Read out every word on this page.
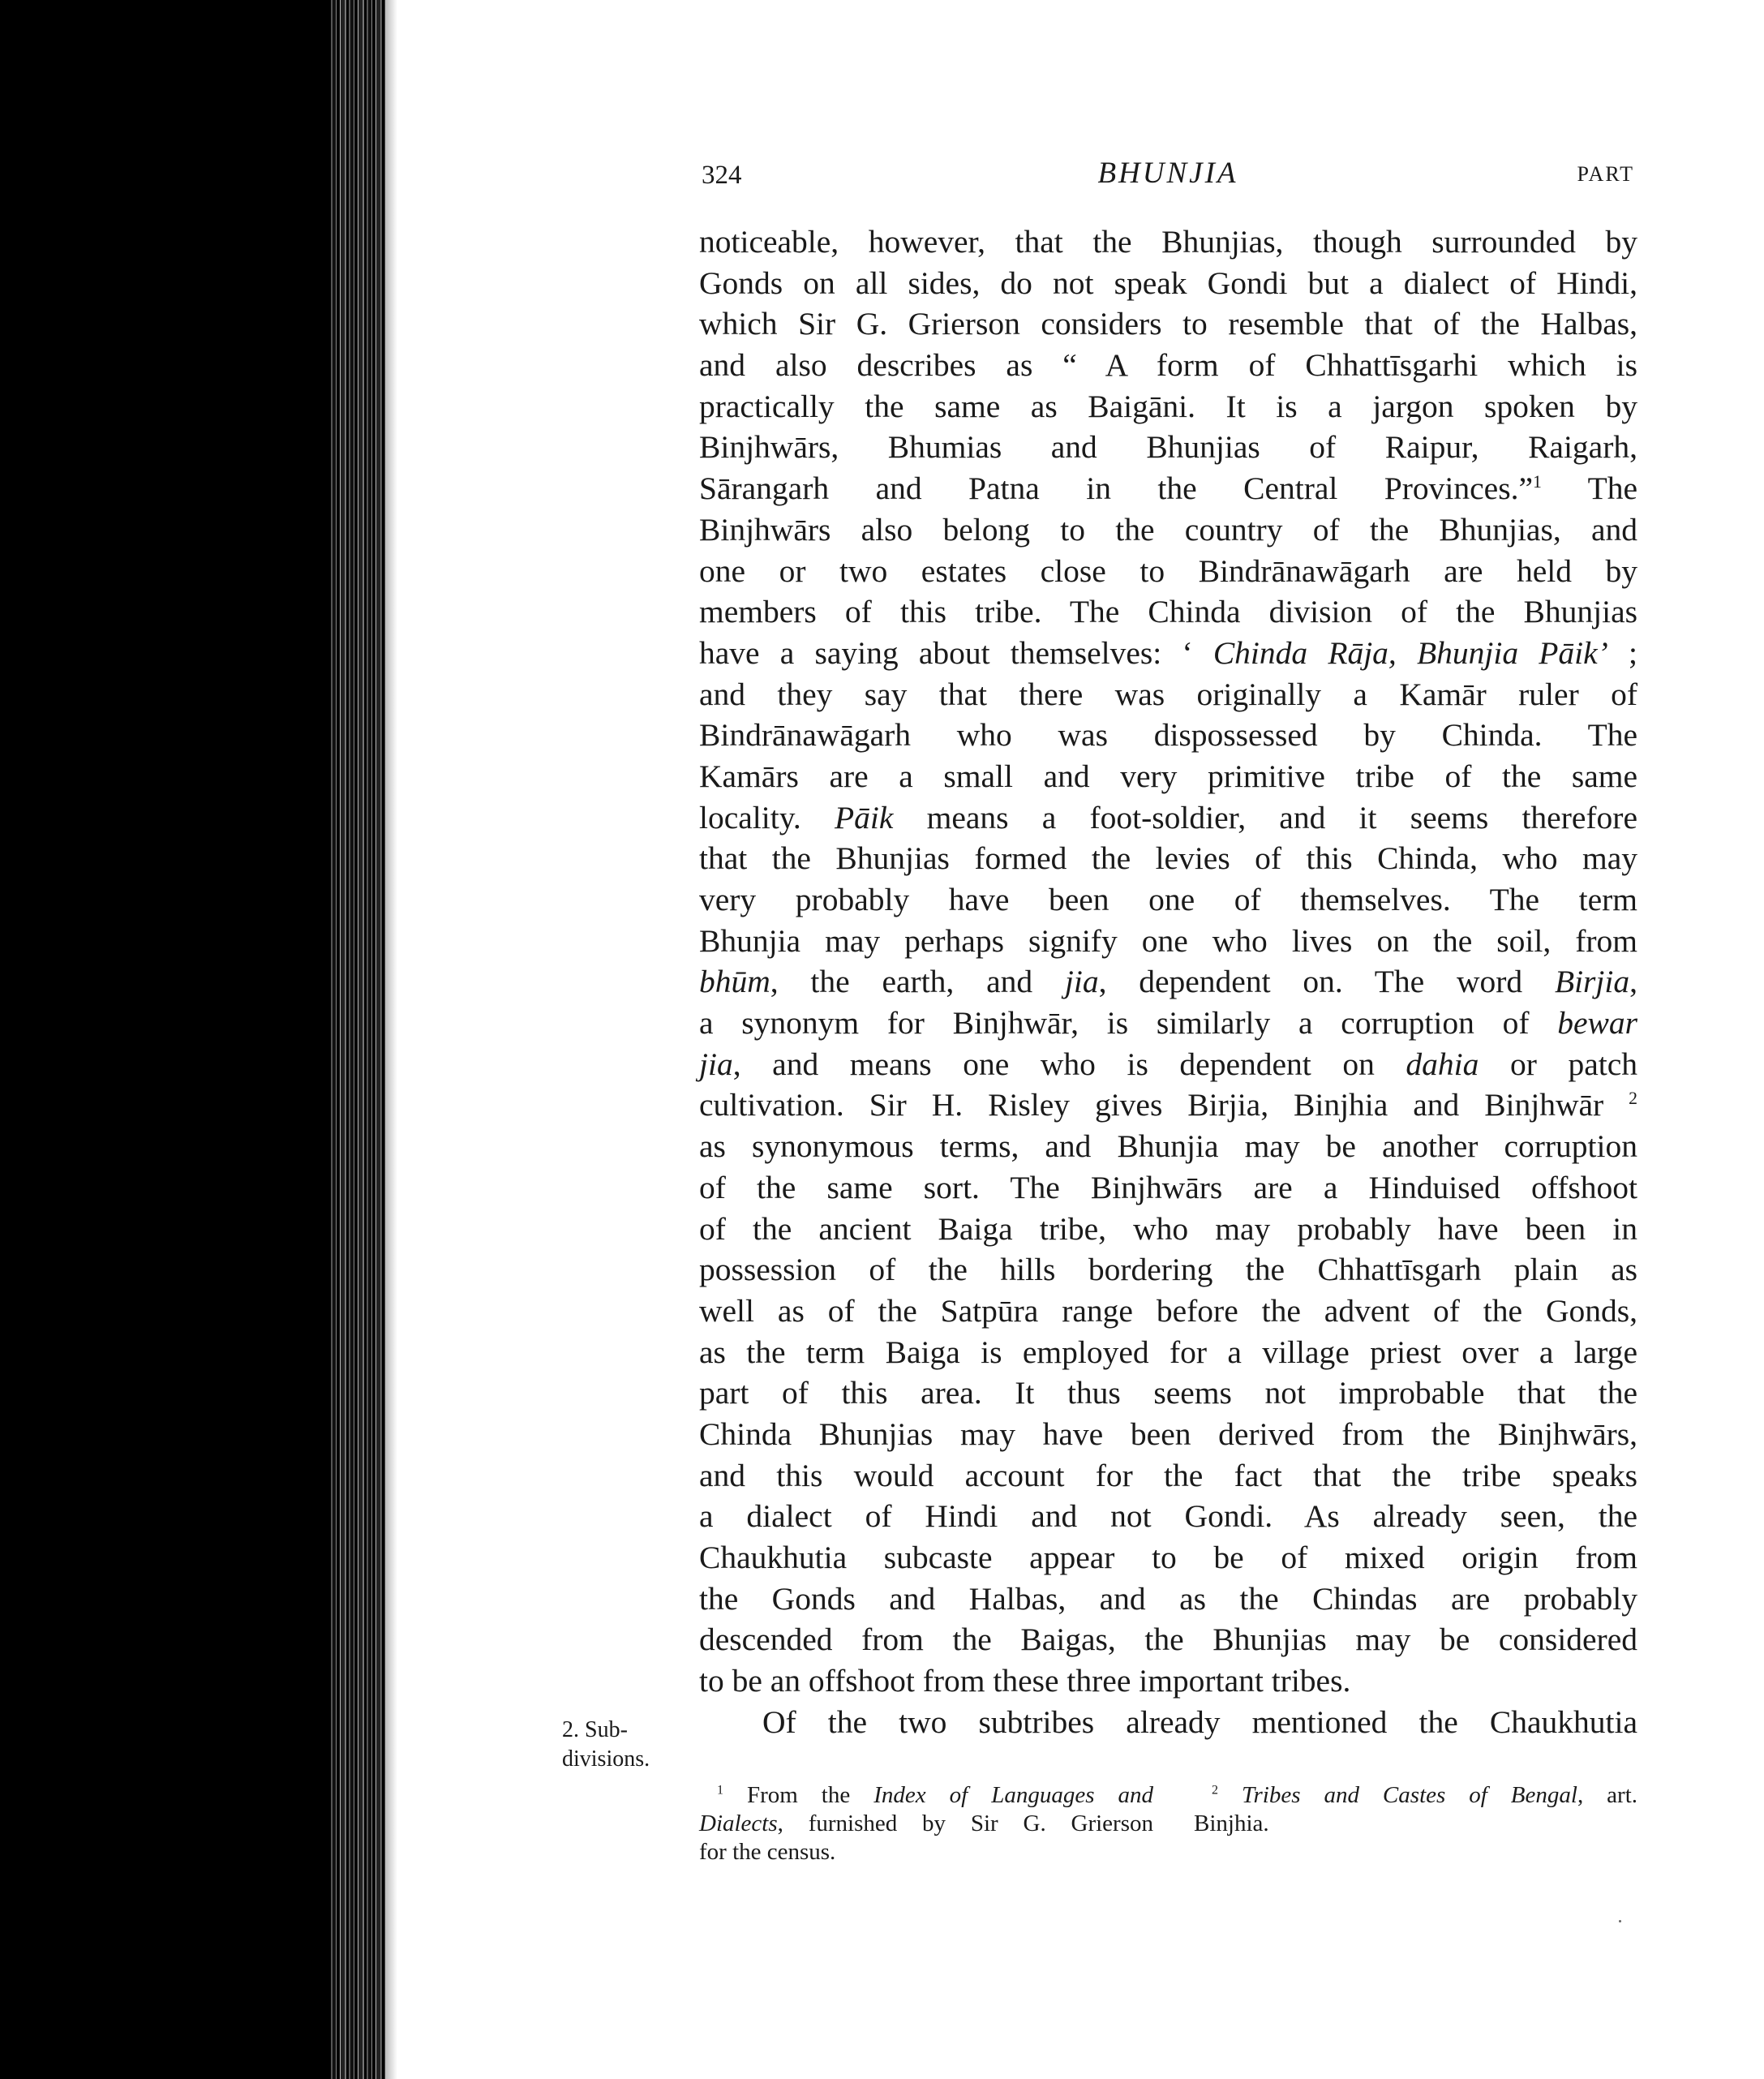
324	BHUNJIA	PART
2. Sub-
divisions.
noticeable, however, that the Bhunjias, though surrounded by
Gonds on all sides, do not speak Gondi but a dialect of Hindi,
which Sir G. Grierson considers to resemble that of the Halbas,
and also describes as “ A form of Chhattīsgarhi which is
practically the same as Baigāni. It is a jargon spoken by
Binjhwārs, Bhumias and Bhunjias of Raipur, Raigarh,
Sārangarh and Patna in the Central Provinces.”$^1$ The
Binjhwārs also belong to the country of the Bhunjias, and
one or two estates close to Bindrānawāgarh are held by
members of this tribe. The Chinda division of the Bhunjias
have a saying about themselves: ‘ Chinda Rāja, Bhunjia Pāik’ ;
and they say that there was originally a Kamār ruler of
Bindrānawāgarh who was dispossessed by Chinda. The
Kamārs are a small and very primitive tribe of the same
locality. Pāik means a foot-soldier, and it seems therefore
that the Bhunjias formed the levies of this Chinda, who may
very probably have been one of themselves. The term
Bhunjia may perhaps signify one who lives on the soil, from
bhūm, the earth, and jia, dependent on. The word Birjia,
a synonym for Binjhwār, is similarly a corruption of bewar
jia, and means one who is dependent on dahia or patch
cultivation. Sir H. Risley gives Birjia, Binjhia and Binjhwār $^2$
as synonymous terms, and Bhunjia may be another corruption
of the same sort. The Binjhwārs are a Hinduised offshoot
of the ancient Baiga tribe, who may probably have been in
possession of the hills bordering the Chhattīsgarh plain as
well as of the Satpūra range before the advent of the Gonds,
as the term Baiga is employed for a village priest over a large
part of this area. It thus seems not improbable that the
Chinda Bhunjias may have been derived from the Binjhwārs,
and this would account for the fact that the tribe speaks
a dialect of Hindi and not Gondi. As already seen, the
Chaukhutia subcaste appear to be of mixed origin from
the Gonds and Halbas, and as the Chindas are probably
descended from the Baigas, the Bhunjias may be considered
to be an offshoot from these three important tribes.
Of the two subtribes already mentioned the Chaukhutia
$^1$ From the Index of Languages and
Dialects, furnished by Sir G. Grierson
for the census.
$^2$ Tribes and Castes of Bengal, art.
Binjhia.
